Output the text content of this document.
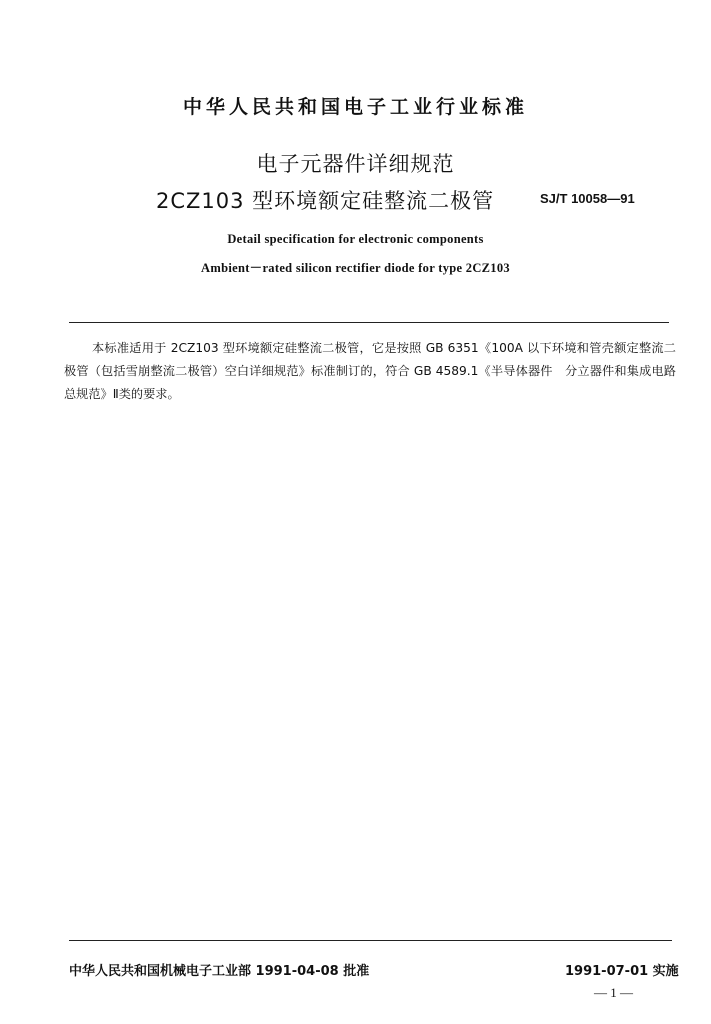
中华人民共和国电子工业行业标准
电子元器件详细规范
2CZ103 型环境额定硅整流二极管	SJ/T 10058—91
Detail specification for electronic components
Ambient－rated silicon rectifier diode for type 2CZ103
本标准适用于 2CZ103 型环境额定硅整流二极管，它是按照 GB 6351《100A 以下环境和管壳额定整流二极管（包括雪崩整流二极管）空白详细规范》标准制订的，符合 GB 4589.1《半导体器件　分立器件和集成电路总规范》Ⅱ类的要求。
中华人民共和国机械电子工业部 1991-04-08 批准	1991-07-01 实施
— 1 —
